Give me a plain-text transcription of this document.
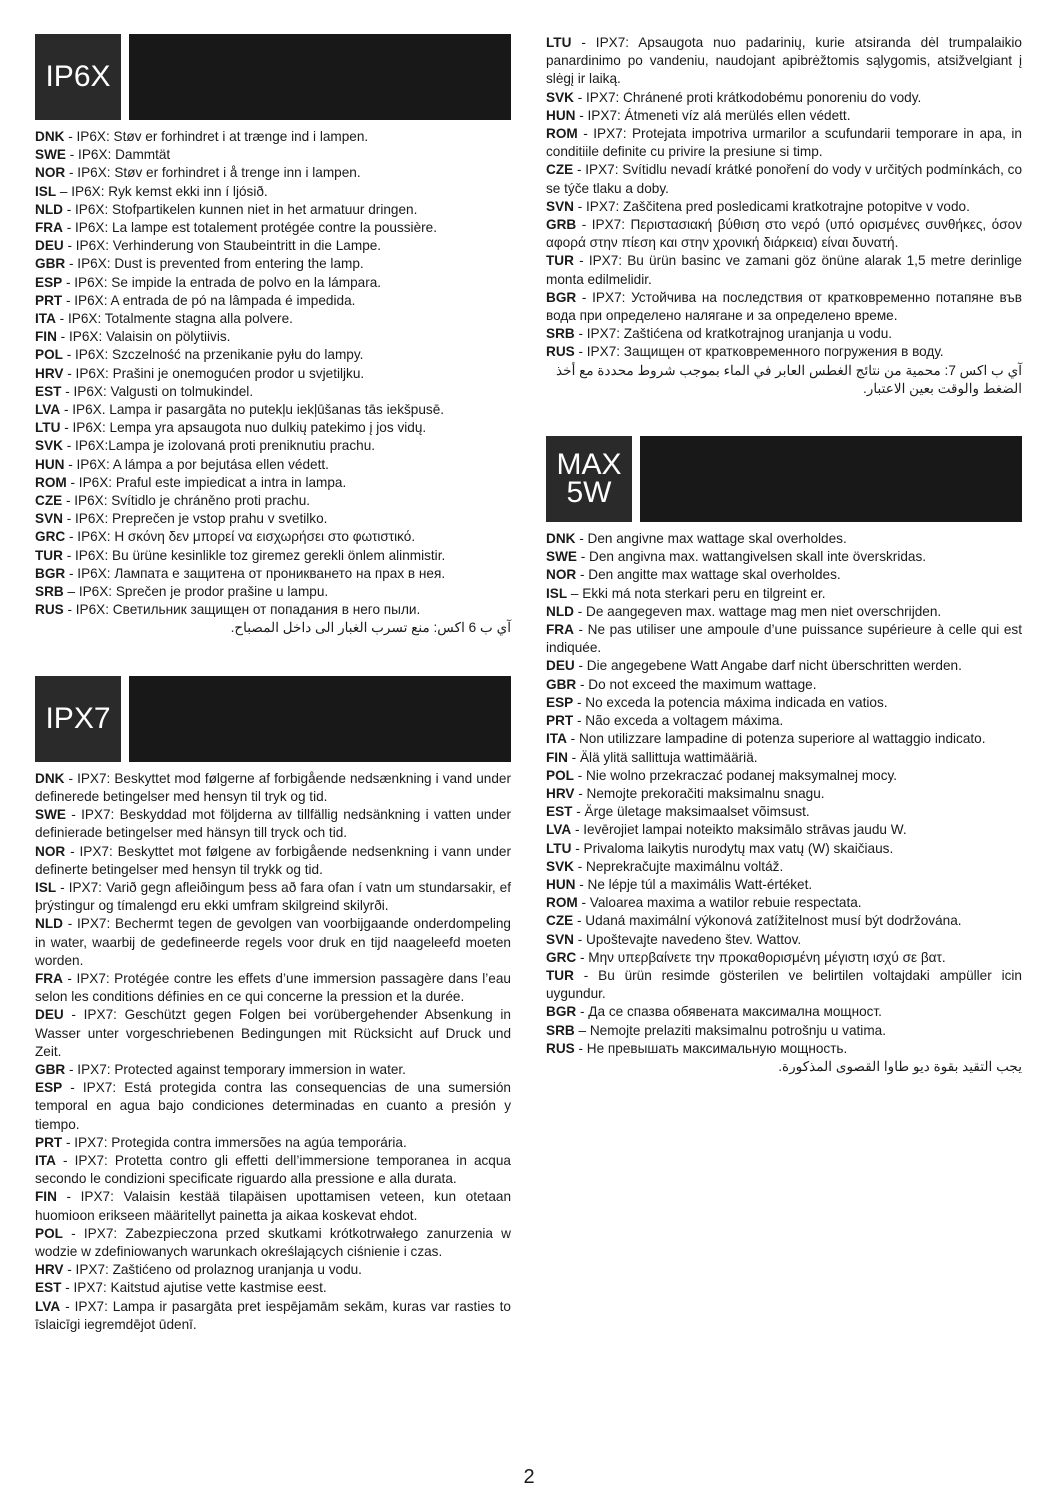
IP6X

DNK - IP6X: Støv er forhindret i at trænge ind i lampen.

SWE - IP6X: Dammtät

NOR - IP6X: Støv er forhindret i å trenge inn i lampen.

ISL – IP6X: Ryk kemst ekki inn í ljósið.

NLD - IP6X: Stofpartikelen kunnen niet in het armatuur dringen.

FRA - IP6X: La lampe est totalement protégée contre la poussière.

DEU - IP6X: Verhinderung von Staubeintritt in die Lampe.

GBR - IP6X: Dust is prevented from entering the lamp.

ESP - IP6X: Se impide la entrada de polvo en la lámpara.

PRT - IP6X: A entrada de pó na lâmpada é impedida.

ITA - IP6X: Totalmente stagna alla polvere.

FIN - IP6X: Valaisin on pölytiivis.

POL - IP6X: Szczelność na przenikanie pyłu do lampy.

HRV - IP6X: Prašini je onemogućen prodor u svjetiljku.

EST - IP6X: Valgusti on tolmukindel.

LVA - IP6X. Lampa ir pasargāta no putekļu iekļūšanas tās iekšpusē.

LTU - IP6X: Lempa yra apsaugota nuo dulkių patekimo į jos vidų.

SVK - IP6X:Lampa je izolovaná proti preniknutiu prachu.

HUN - IP6X: A lámpa a por bejutása ellen védett.

ROM - IP6X: Praful este impiedicat a intra in lampa.

CZE - IP6X: Svítidlo je chráněno proti prachu.

SVN - IP6X: Preprečen je vstop prahu v svetilko.

GRC - IP6X: Η σκόνη δεν μπορεί να εισχωρήσει στο φωτιστικό.

TUR - IP6X: Bu ürüne kesinlikle toz giremez gerekli önlem alinmistir.

BGR - IP6X: Лампата е защитена от проникването на прах в нея.

SRB – IP6X: Sprečen je prodor prašine u lampu.

RUS - IP6X: Светильник защищен от попадания в него пыли.

آي ب 6 اكس: منع تسرب الغبار الى داخل المصباح.

IPX7

DNK - IPX7: Beskyttet mod følgerne af forbigående nedsænkning i vand under definerede betingelser med hensyn til tryk og tid.

SWE - IPX7: Beskyddad mot följderna av tillfällig nedsänkning i vatten under definierade betingelser med hänsyn till tryck och tid.

NOR - IPX7: Beskyttet mot følgene av forbigående nedsenkning i vann under definerte betingelser med hensyn til trykk og tid.

ISL - IPX7: Varið gegn afleiðingum þess að fara ofan í vatn um stundarsakir, ef þrýstingur og tímalengd eru ekki umfram skilgreind skilyrði.

NLD - IPX7: Bechermt tegen de gevolgen van voorbijgaande onderdompeling in water, waarbij de gedefineerde regels voor druk en tijd naageleefd moeten worden.

FRA - IPX7: Protégée contre les effets d’une immersion passagère dans l’eau selon les conditions définies en ce qui concerne la pression et la durée.

DEU - IPX7: Geschützt gegen Folgen bei vorübergehender Absenkung in Wasser unter vorgeschriebenen Bedingungen mit Rücksicht auf Druck und Zeit.

GBR - IPX7: Protected against temporary immersion in water.

ESP - IPX7: Está protegida contra las consequencias de una sumersión temporal en agua bajo condiciones determinadas en cuanto a presión y tiempo.

PRT - IPX7: Protegida contra immersões na agúa temporária.

ITA - IPX7: Protetta contro gli effetti dell’immersione temporanea in acqua secondo le condizioni specificate riguardo alla pressione e alla durata.

FIN - IPX7: Valaisin kestää tilapäisen upottamisen veteen, kun otetaan huomioon erikseen määritellyt painetta ja aikaa koskevat ehdot.

POL - IPX7: Zabezpieczona przed skutkami krótkotrwałego zanurzenia w wodzie w zdefiniowanych warunkach określających ciśnienie i czas.

HRV - IPX7: Zaštićeno od prolaznog uranjanja u vodu.

EST - IPX7: Kaitstud ajutise vette kastmise eest.

LVA - IPX7: Lampa ir pasargāta pret iespējamām sekām, kuras var rasties to īslaicīgi iegremdējot ūdenī.

LTU - IPX7: Apsaugota nuo padarinių, kurie atsiranda dėl trumpalaikio panardinimo po vandeniu, naudojant apibrėžtomis sąlygomis, atsižvelgiant į slėgį ir laiką.

SVK - IPX7: Chránené proti krátkodobému ponoreniu do vody.

HUN - IPX7: Átmeneti víz alá merülés ellen védett.

ROM - IPX7: Protejata impotriva urmarilor a scufundarii temporare in apa, in conditiile definite cu privire la presiune si timp.

CZE - IPX7: Svítidlu nevadí krátké ponoření do vody v určitých podmínkách, co se týče tlaku a doby.

SVN - IPX7: Zaščitena pred posledicami kratkotrajne potopitve v vodo.

GRB - IPX7: Περιστασιακή βύθιση στο νερό (υπό ορισμένες συνθήκες, όσον αφορά στην πίεση και στην χρονική διάρκεια) είναι δυνατή.

TUR - IPX7: Bu ürün basinc ve zamani göz önüne alarak 1,5 metre derinlige monta edilmelidir.

BGR - IPX7: Устойчива на последствия от кратковременно потапяне във вода при определено налягане и за определено време.

SRB - IPX7: Zaštićena od kratkotrajnog uranjanja u vodu.

RUS - IPX7: Защищен от кратковременного погружения в воду.

آي ب اكس 7: محمية من نتائج الغطس العابر في الماء بموجب شروط محددة مع أخذ الضغط والوقت بعين الاعتبار.

MAX
5W

DNK - Den angivne max wattage skal overholdes.

SWE - Den angivna max. wattangivelsen skall inte överskridas.

NOR - Den angitte max wattage skal overholdes.

ISL – Ekki má nota sterkari peru en tilgreint er.

NLD - De aangegeven max. wattage mag men niet overschrijden.

FRA - Ne pas utiliser une ampoule d’une puissance supérieure à celle qui est indiquée.

DEU - Die angegebene Watt Angabe darf nicht überschritten werden.

GBR - Do not exceed the maximum wattage.

ESP - No exceda la potencia máxima indicada en vatios.

PRT - Não exceda a voltagem máxima.

ITA - Non utilizzare lampadine di potenza superiore al wattaggio indicato.

FIN - Älä ylitä sallittuja wattimääriä.

POL - Nie wolno przekraczać podanej maksymalnej mocy.

HRV - Nemojte prekoračiti maksimalnu snagu.

EST - Ärge ületage maksimaalset võimsust.

LVA - Ievērojiet lampai noteikto maksimālo strāvas jaudu W.

LTU - Privaloma laikytis nurodytų max vatų (W) skaičiaus.

SVK - Neprekračujte maximálnu voltáž.

HUN - Ne lépje túl a maximális Watt-értéket.

ROM - Valoarea maxima a watilor rebuie respectata.

CZE - Udaná maximální výkonová zatížitelnost musí být dodržována.

SVN - Upoštevajte navedeno štev. Wattov.

GRC - Μην υπερβαίνετε την προκαθορισμένη μέγιστη ισχύ σε βατ.

TUR - Bu ürün resimde gösterilen ve belirtilen voltajdaki ampüller icin uygundur.

BGR - Да се спазва обявената максимална мощност.

SRB – Nemojte prelaziti maksimalnu potrošnju u vatima.

RUS - Не превышать максимальную мощность.

يجب التقيد بقوة ديو طاوا القصوى المذكورة.

2
